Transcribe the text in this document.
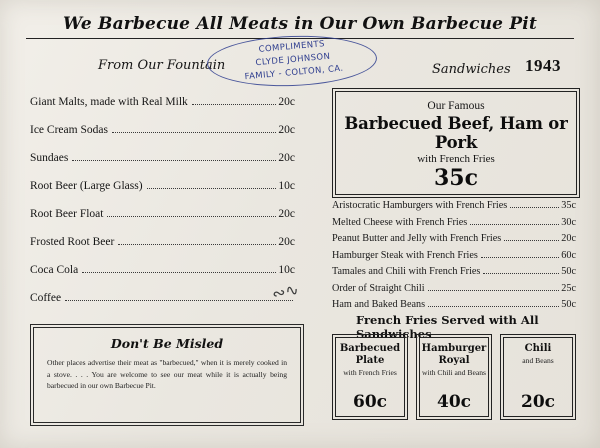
We Barbecue All Meats in Our Own Barbecue Pit
From Our Fountain	Sandwiches 1943
COMPLIMENTS
CLYDE JOHNSON
FAMILY - COLTON, CA.
Giant Malts, made with Real Milk	20c
Ice Cream Sodas	20c
Sundaes	20c
Root Beer (Large Glass)	10c
Root Beer Float	20c
Frosted Root Beer	20c
Coca Cola	10c
Coffee	∾∿
Don't Be Misled
Other places advertise their meat as "barbecued," when it is merely cooked in a stove. . . . You are welcome to see our meat while it is actually being barbecued in our own Barbecue Pit.
Our Famous
Barbecued Beef, Ham or Pork
with French Fries
35c
Aristocratic Hamburgers with French Fries	35c
Melted Cheese with French Fries	30c
Peanut Butter and Jelly with French Fries	20c
Hamburger Steak with French Fries	60c
Tamales and Chili with French Fries	50c
Order of Straight Chili	25c
Ham and Baked Beans	50c
French Fries Served with All Sandwiches
Barbecued Plate
with French Fries
60c
Hamburger Royal
with Chili and Beans
40c
Chili
and Beans
20c
